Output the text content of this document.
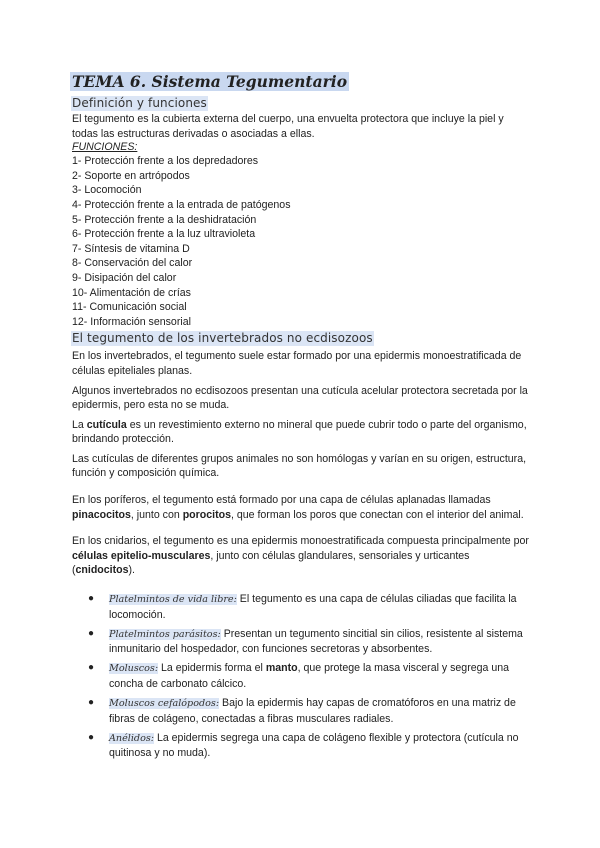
TEMA 6. Sistema Tegumentario
Definición y funciones

El tegumento es la cubierta externa del cuerpo, una envuelta protectora que incluye la piel y todas las estructuras derivadas o asociadas a ellas.

FUNCIONES:
1- Protección frente a los depredadores
2- Soporte en artrópodos
3- Locomoción
4- Protección frente a la entrada de patógenos
5- Protección frente a la deshidratación
6- Protección frente a la luz ultravioleta
7- Síntesis de vitamina D
8- Conservación del calor
9- Disipación del calor
10- Alimentación de crías
11- Comunicación social
12- Información sensorial
El tegumento de los invertebrados no ecdisozoos

En los invertebrados, el tegumento suele estar formado por una epidermis monoestratificada de células epiteliales planas.

Algunos invertebrados no ecdisozoos presentan una cutícula acelular protectora secretada por la epidermis, pero esta no se muda.

La cutícula es un revestimiento externo no mineral que puede cubrir todo o parte del organismo, brindando protección.

Las cutículas de diferentes grupos animales no son homólogas y varían en su origen, estructura, función y composición química.

En los poríferos, el tegumento está formado por una capa de células aplanadas llamadas pinacocitos, junto con porocitos, que forman los poros que conectan con el interior del animal.

En los cnidarios, el tegumento es una epidermis monoestratificada compuesta principalmente por células epitelio-musculares, junto con células glandulares, sensoriales y urticantes (cnidocitos).

● Platelmintos de vida libre: El tegumento es una capa de células ciliadas que facilita la locomoción.
● Platelmintos parásitos: Presentan un tegumento sincitial sin cilios, resistente al sistema inmunitario del hospedador, con funciones secretoras y absorbentes.
● Moluscos: La epidermis forma el manto, que protege la masa visceral y segrega una concha de carbonato cálcico.
● Moluscos cefalópodos: Bajo la epidermis hay capas de cromatóforos en una matriz de fibras de colágeno, conectadas a fibras musculares radiales.
● Anélidos: La epidermis segrega una capa de colágeno flexible y protectora (cutícula no quitinosa y no muda).
